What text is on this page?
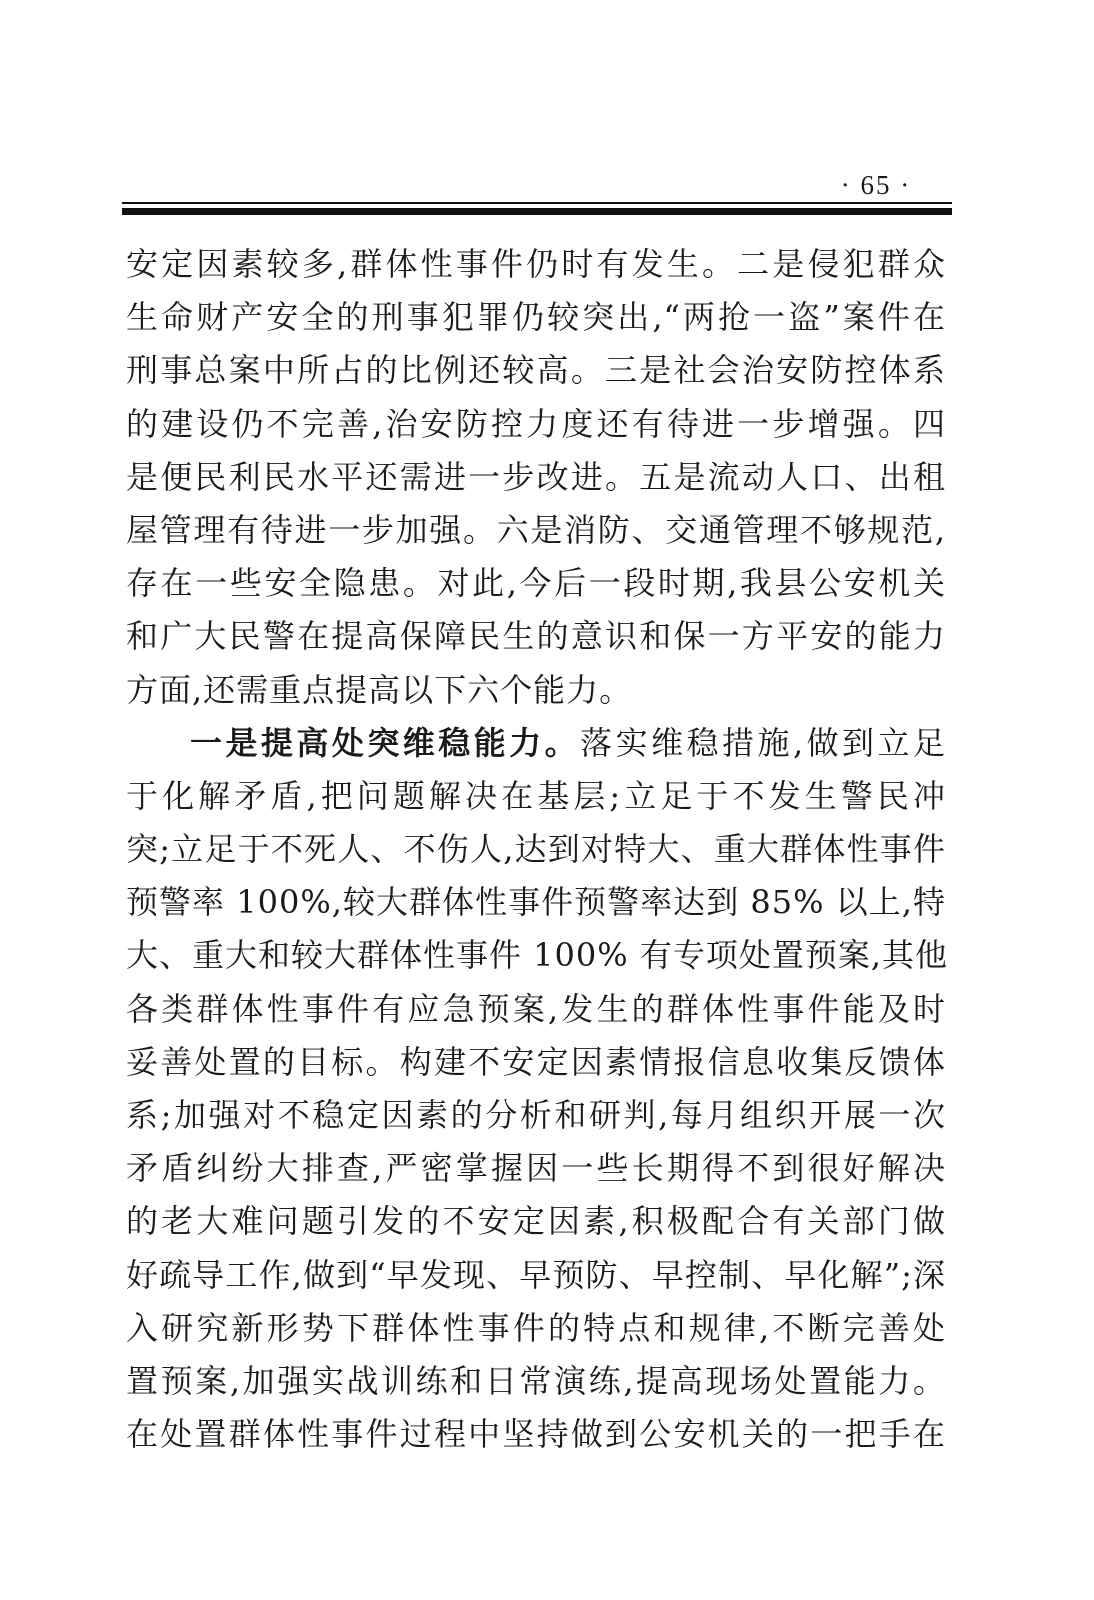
· 65 ·
安定因素较多,群体性事件仍时有发生。二是侵犯群众
生命财产安全的刑事犯罪仍较突出,“两抢一盗”案件在
刑事总案中所占的比例还较高。三是社会治安防控体系
的建设仍不完善,治安防控力度还有待进一步增强。四
是便民利民水平还需进一步改进。五是流动人口、出租
屋管理有待进一步加强。六是消防、交通管理不够规范,
存在一些安全隐患。对此,今后一段时期,我县公安机关
和广大民警在提高保障民生的意识和保一方平安的能力
方面,还需重点提高以下六个能力。
一是提高处突维稳能力。落实维稳措施,做到立足
于化解矛盾,把问题解决在基层;立足于不发生警民冲
突;立足于不死人、不伤人,达到对特大、重大群体性事件
预警率 100%,较大群体性事件预警率达到 85% 以上,特
大、重大和较大群体性事件 100% 有专项处置预案,其他
各类群体性事件有应急预案,发生的群体性事件能及时
妥善处置的目标。构建不安定因素情报信息收集反馈体
系;加强对不稳定因素的分析和研判,每月组织开展一次
矛盾纠纷大排查,严密掌握因一些长期得不到很好解决
的老大难问题引发的不安定因素,积极配合有关部门做
好疏导工作,做到“早发现、早预防、早控制、早化解”;深
入研究新形势下群体性事件的特点和规律,不断完善处
置预案,加强实战训练和日常演练,提高现场处置能力。
在处置群体性事件过程中坚持做到公安机关的一把手在
